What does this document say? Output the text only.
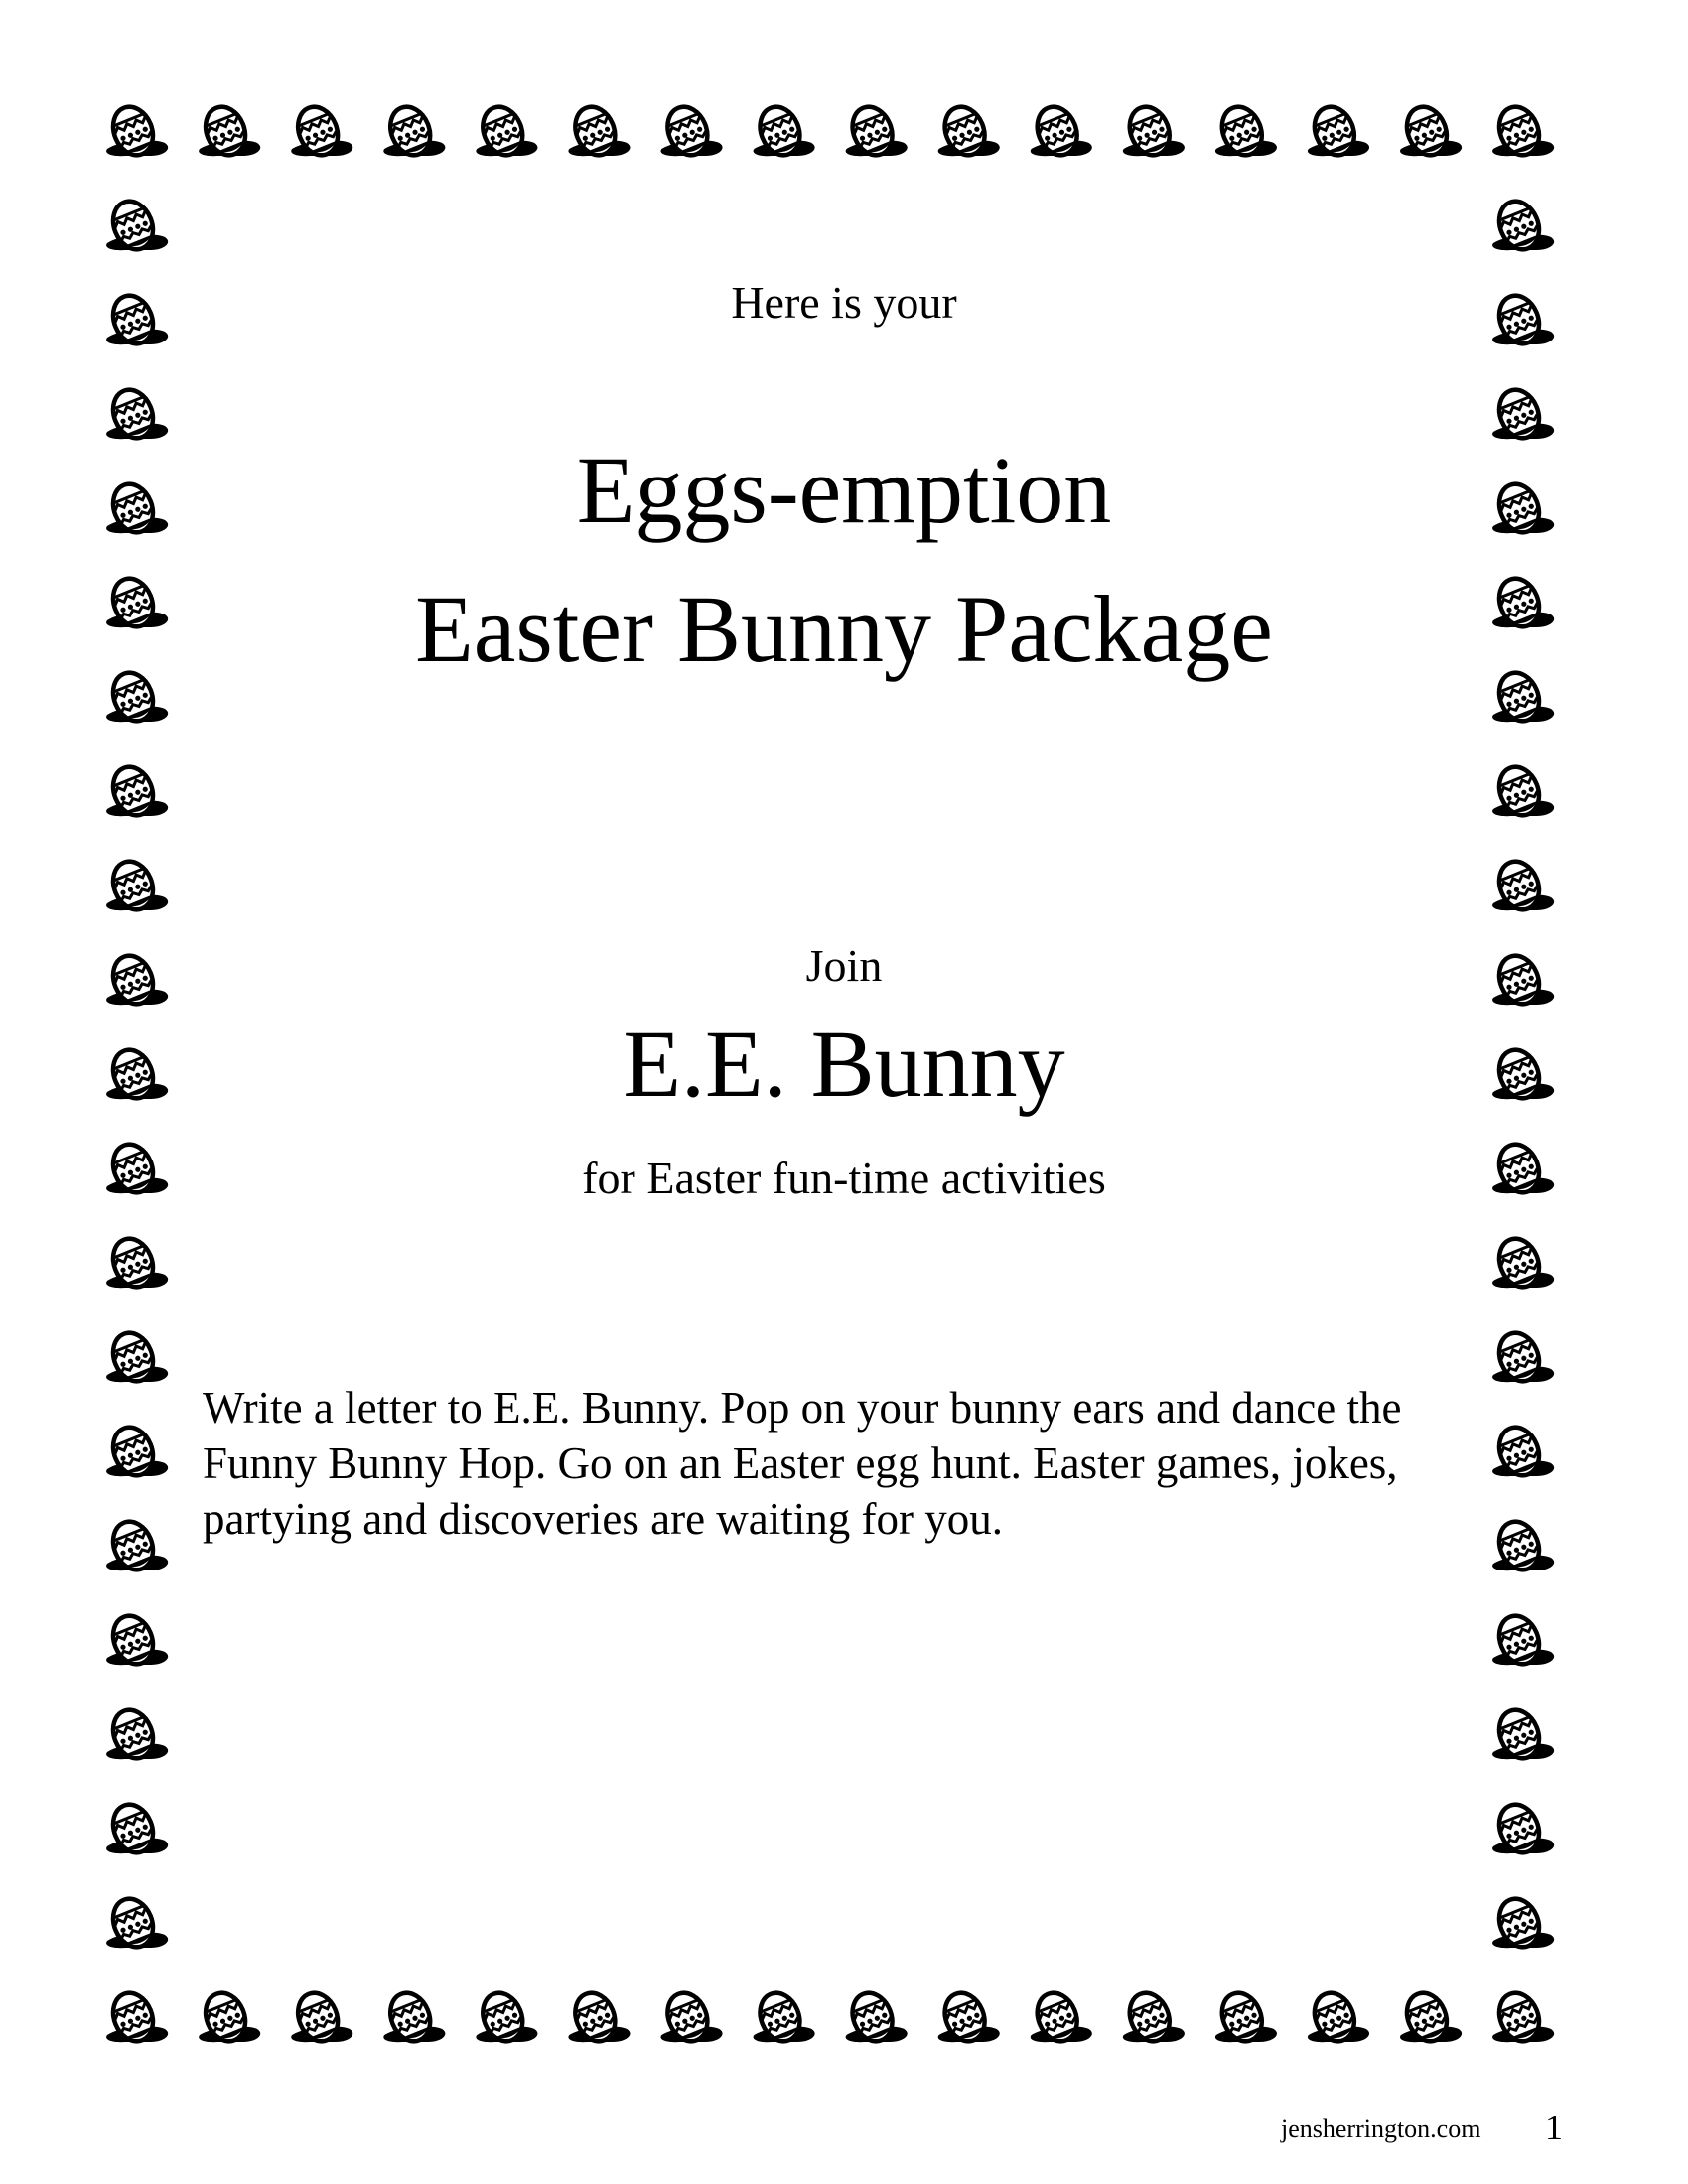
Here is your

Eggs-emption

Easter Bunny Package

Join

E.E. Bunny

for Easter fun-time activities

Write a letter to E.E. Bunny. Pop on your bunny ears and dance the Funny Bunny Hop. Go on an Easter egg hunt. Easter games, jokes, partying and discoveries are waiting for you.

jensherrington.com 1
